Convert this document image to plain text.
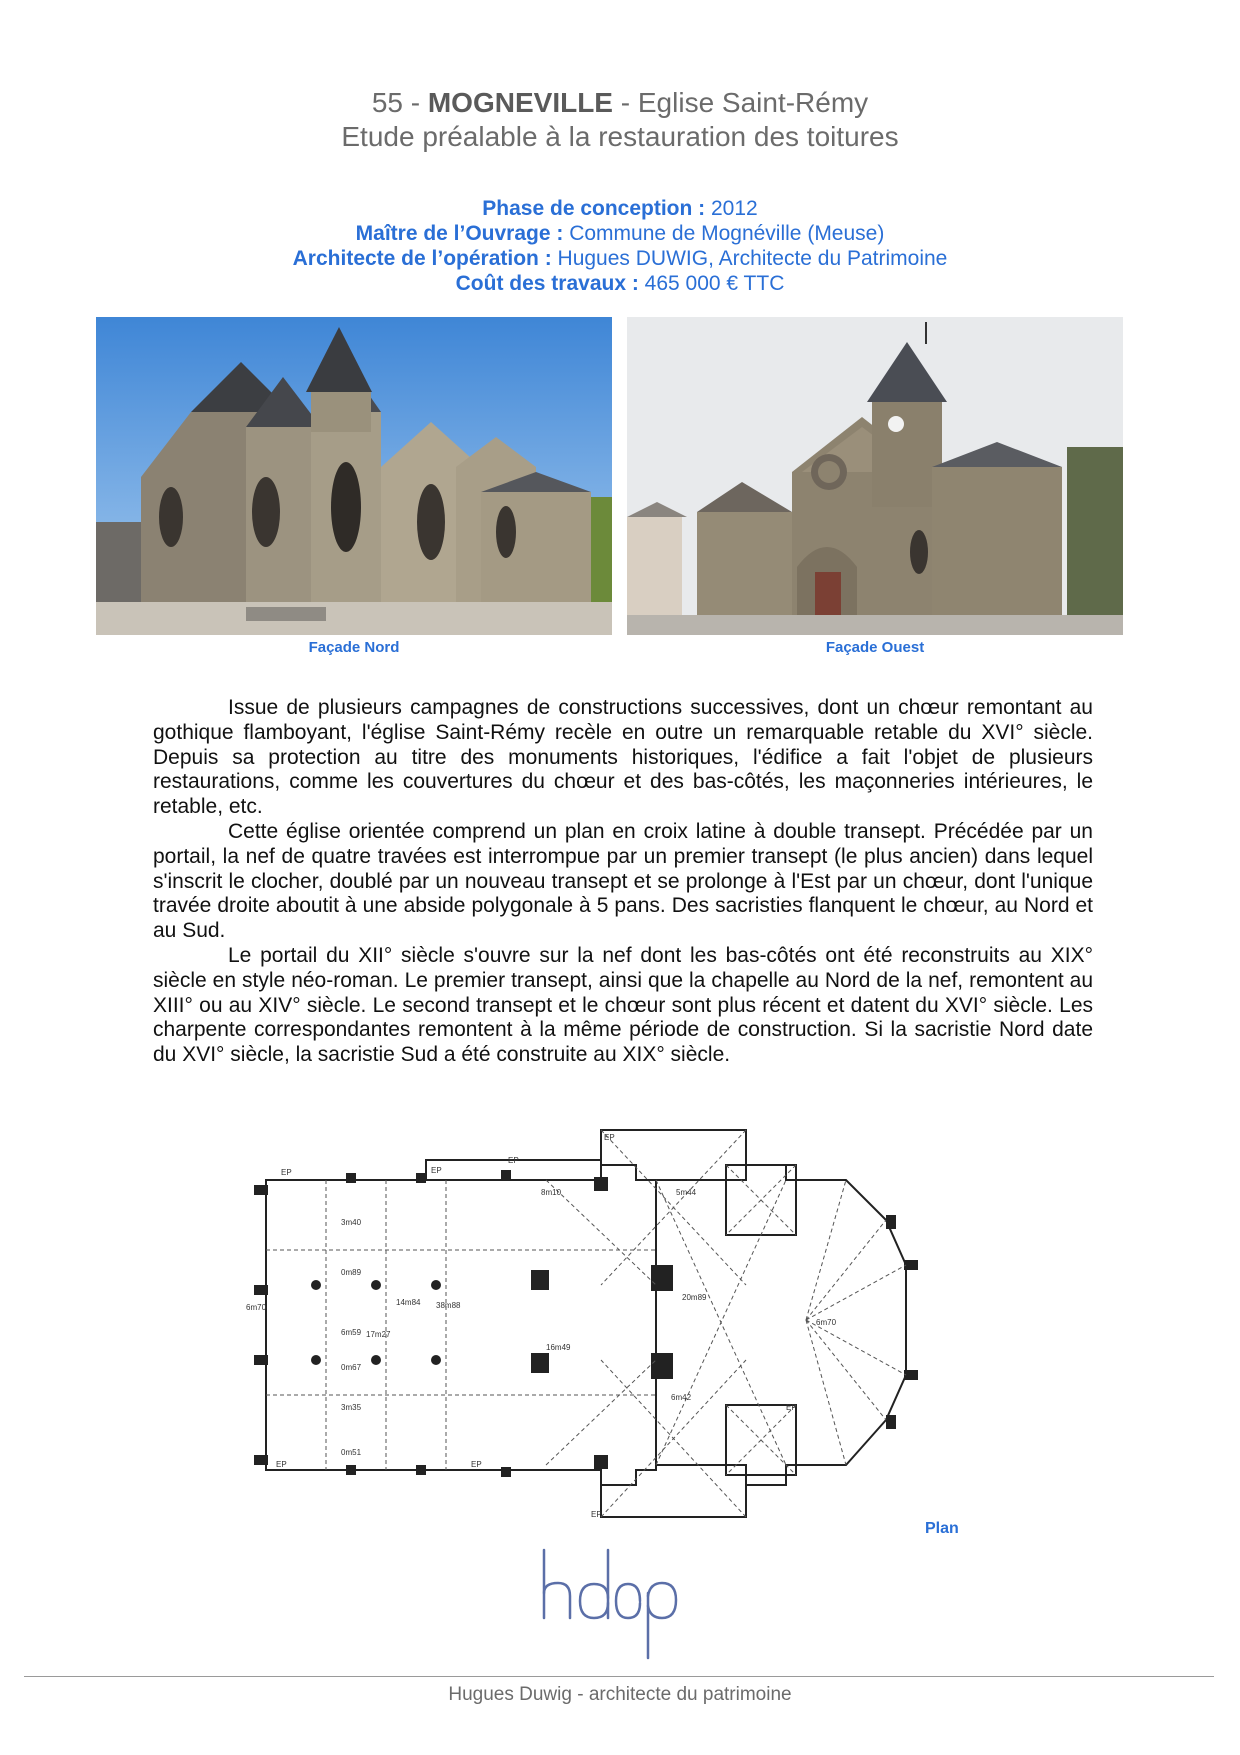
55 - MOGNEVILLE - Eglise Saint-Rémy
Etude préalable à la restauration des toitures
Phase de conception : 2012
Maître de l’Ouvrage : Commune de Mognéville (Meuse)
Architecte de l’opération : Hugues DUWIG, Architecte du Patrimoine
Coût des travaux : 465 000 € TTC
Façade Nord	Façade Ouest

Issue de plusieurs campagnes de constructions successives, dont un chœur remontant au gothique flamboyant, l'église Saint-Rémy recèle en outre un remarquable retable du XVI° siècle. Depuis sa protection au titre des monuments historiques, l'édifice a fait l'objet de plusieurs restaurations, comme les couvertures du chœur et des bas-côtés, les maçonneries intérieures, le retable, etc.

Cette église orientée comprend un plan en croix latine à double transept. Précédée par un portail, la nef de quatre travées est interrompue par un premier transept (le plus ancien) dans lequel s'inscrit le clocher, doublé par un nouveau transept et se prolonge à l'Est par un chœur, dont l'unique travée droite aboutit à une abside polygonale à 5 pans. Des sacristies flanquent le chœur, au Nord et au Sud.

Le portail du XII° siècle s'ouvre sur la nef dont les bas-côtés ont été reconstruits au XIX° siècle en style néo-roman. Le premier transept, ainsi que la chapelle au Nord de la nef, remontent au XIII° ou au XIV° siècle. Le second transept et le chœur sont plus récent et datent du XVI° siècle. Les charpente correspondantes remontent à la même période de construction. Si la sacristie Nord date du XVI° siècle, la sacristie Sud a été construite au XIX° siècle.

EP	EP
EP
EP
EP
EP	EP
EP
3m40
0m89
14m84 38m88
17m27
6m70
3m35
0m51
8m10	5m44
20m89
16m49
6m42
6m70
0m67
6m59
Plan
hdap
Hugues Duwig - architecte du patrimoine
